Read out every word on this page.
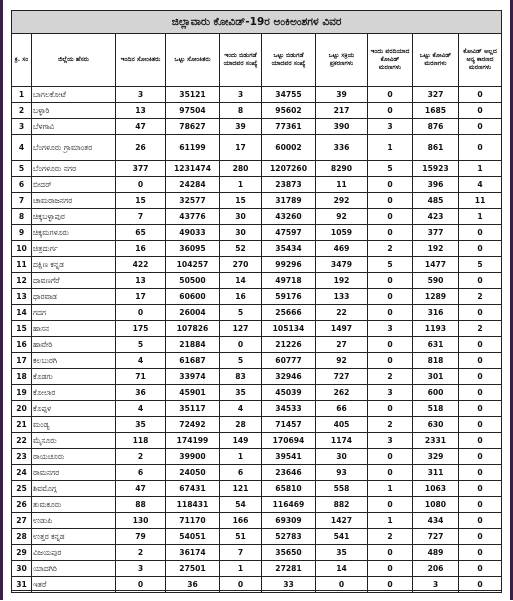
ಜಿಲ್ಲಾವಾರು ಕೋವಿಡ್-19ರ ಅಂಕಿಅಂಶಗಳ ವಿವರ									
ಕ್ರ. ಸಂ	ಜಿಲ್ಲೆಯ ಹೆಸರು	ಇಂದಿನ ಸೋಂಕಿತರು	ಒಟ್ಟು ಸೋಂಕಿತರು	ಇಂದು ಬಿಡುಗಡೆ ಯಾದವರ ಸಂಖ್ಯೆ	ಒಟ್ಟು ಬಿಡುಗಡೆ ಯಾದವರ ಸಂಖ್ಯೆ	ಒಟ್ಟು ಸಕ್ರಿಯ ಪ್ರಕರಣಗಳು	ಇಂದು ವರದಿಯಾದ ಕೋವಿಡ್ ಮರಣಗಳು	ಒಟ್ಟು ಕೋವಿಡ್ ಮರಣಗಳು	ಕೋವಿಡ್ ಅಲ್ಲದ ಅನ್ಯ ಕಾರಣದ ಮರಣಗಳು
1	ಬಾಗಲಕೋಟೆ	3	35121	3	34755	39	0	327	0
2	ಬಳ್ಳಾರಿ	13	97504	8	95602	217	0	1685	0
3	ಬೆಳಗಾವಿ	47	78627	39	77361	390	3	876	0
4	ಬೆಂಗಳೂರು ಗ್ರಾಮಾಂತರ	26	61199	17	60002	336	1	861	0
5	ಬೆಂಗಳೂರು ನಗರ	377	1231474	280	1207260	8290	5	15923	1
6	ಬೀದರ್	0	24284	1	23873	11	0	396	4
7	ಚಾಮರಾಜನಗರ	15	32577	15	31789	292	0	485	11
8	ಚಿಕ್ಕಬಳ್ಳಾಪುರ	7	43776	30	43260	92	0	423	1
9	ಚಿಕ್ಕಮಗಳೂರು	65	49033	30	47597	1059	0	377	0
10	ಚಿತ್ರದುರ್ಗ	16	36095	52	35434	469	2	192	0
11	ದಕ್ಷಿಣ ಕನ್ನಡ	422	104257	270	99296	3479	5	1477	5
12	ದಾವಣಗೆರೆ	13	50500	14	49718	192	0	590	0
13	ಧಾರವಾಡ	17	60600	16	59176	133	0	1289	2
14	ಗದಗ	0	26004	5	25666	22	0	316	0
15	ಹಾಸನ	175	107826	127	105134	1497	3	1193	2
16	ಹಾವೇರಿ	5	21884	0	21226	27	0	631	0
17	ಕಲಬುರಗಿ	4	61687	5	60777	92	0	818	0
18	ಕೊಡಗು	71	33974	83	32946	727	2	301	0
19	ಕೋಲಾರ	36	45901	35	45039	262	3	600	0
20	ಕೊಪ್ಪಳ	4	35117	4	34533	66	0	518	0
21	ಮಂಡ್ಯ	35	72492	28	71457	405	2	630	0
22	ಮೈಸೂರು	118	174199	149	170694	1174	3	2331	0
23	ರಾಯಚೂರು	2	39900	1	39541	30	0	329	0
24	ರಾಮನಗರ	6	24050	6	23646	93	0	311	0
25	ಶಿವಮೊಗ್ಗ	47	67431	121	65810	558	1	1063	0
26	ತುಮಕೂರು	88	118431	54	116469	882	0	1080	0
27	ಉಡುಪಿ	130	71170	166	69309	1427	1	434	0
28	ಉತ್ತರ ಕನ್ನಡ	79	54051	51	52783	541	2	727	0
29	ವಿಜಯಪುರ	2	36174	7	35650	35	0	489	0
30	ಯಾದಗಿರಿ	3	27501	1	27281	14	0	206	0
31	ಇತರೆ	0	36	0	33	0	0	3	0
